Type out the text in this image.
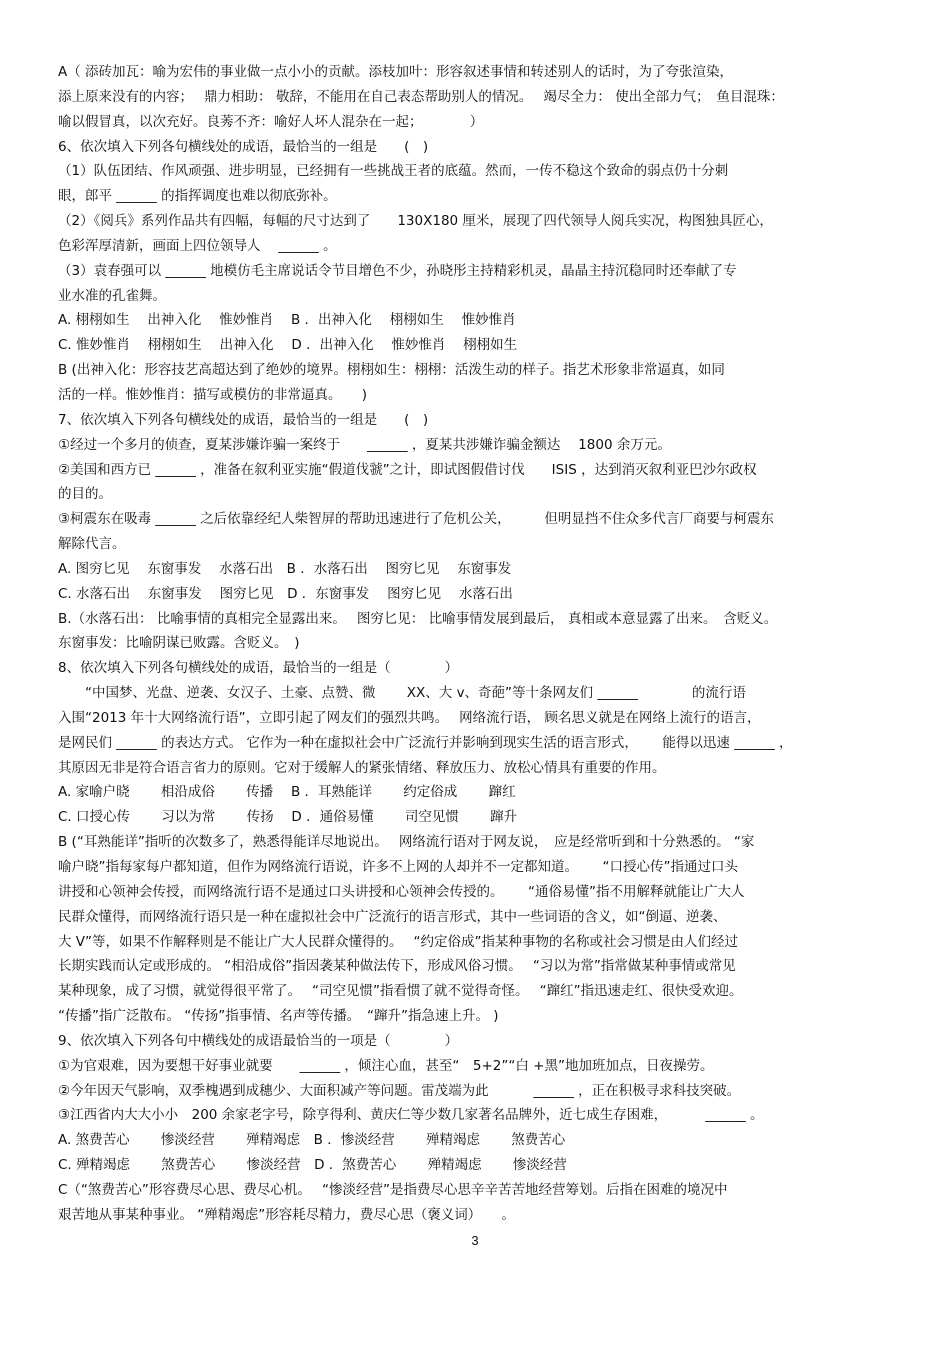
A（ 添砖加瓦：喻为宏伟的事业做一点小小的贡献。添枝加叶：形容叙述事情和转述别人的话时，为了夸张渲染，
添上原来没有的内容；　 鼎力相助： 敬辞，不能用在自己表态帮助别人的情况。　 竭尽全力： 使出全部力气；　鱼目混珠：
喻以假冒真，以次充好。良莠不齐：喻好人坏人混杂在一起；　　　　）
6、依次填入下列各句横线处的成语，最恰当的一组是　　(　)
（1）队伍团结、作风顽强、进步明显，已经拥有一些挑战王者的底蕴。然而，一传不稳这个致命的弱点仍十分刺
眼，郎平 ______ 的指挥调度也难以彻底弥补。
（2）《阅兵》系列作品共有四幅，每幅的尺寸达到了　　130X180 厘米，展现了四代领导人阅兵实况，构图独具匠心，
色彩浑厚清新，画面上四位领导人　 ______ 。
（3）袁春强可以 ______ 地模仿毛主席说话令节目增色不少，孙晓彤主持精彩机灵，晶晶主持沉稳同时还奉献了专
业水准的孔雀舞。
A. 栩栩如生　 出神入化　 惟妙惟肖　 B ．出神入化　 栩栩如生　 惟妙惟肖
C. 惟妙惟肖　 栩栩如生　 出神入化　 D ．出神入化　 惟妙惟肖　 栩栩如生
B (出神入化：形容技艺高超达到了绝妙的境界。栩栩如生：栩栩：活泼生动的样子。指艺术形象非常逼真，如同
活的一样。惟妙惟肖：描写或模仿的非常逼真。　　)
7、依次填入下列各句横线处的成语，最恰当的一组是　　(　)
①经过一个多月的侦查，夏某涉嫌诈骗一案终于　　______ ，夏某共涉嫌诈骗金额达　 1800 余万元。
②美国和西方已 ______ ，准备在叙利亚实施“假道伐虢”之计，即试图假借讨伐　　ISIS ，达到消灭叙利亚巴沙尔政权
的目的。
③柯震东在吸毒 ______ 之后依靠经纪人柴智屏的帮助迅速进行了危机公关，　　　但明显挡不住众多代言厂商要与柯震东
解除代言。
A. 图穷匕见　 东窗事发　 水落石出　B ．水落石出　 图穷匕见　 东窗事发
C. 水落石出　 东窗事发　 图穷匕见　D ．东窗事发　 图穷匕见　 水落石出
B.（水落石出： 比喻事情的真相完全显露出来。　 图穷匕见： 比喻事情发展到最后， 真相或本意显露了出来。　含贬义。
东窗事发：比喻阴谋已败露。含贬义。　)
8、依次填入下列各句横线处的成语，最恰当的一组是（　　　　）
　　“中国梦、光盘、逆袭、女汉子、土豪、点赞、微　　 XX、大 v、奇葩”等十条网友们 ______　　　　的流行语
入围“2013 年十大网络流行语”，立即引起了网友们的强烈共鸣。　 网络流行语， 顾名思义就是在网络上流行的语言，
是网民们 ______ 的表达方式。 它作为一种在虚拟社会中广泛流行并影响到现实生活的语言形式，　　 能得以迅速 ______ ，
其原因无非是符合语言省力的原则。它对于缓解人的紧张情绪、释放压力、放松心情具有重要的作用。
A. 家喻户晓　　 相沿成俗　　 传播　 B ．耳熟能详　　 约定俗成　　 蹿红
C. 口授心传　　 习以为常　　 传扬　 D ．通俗易懂　　 司空见惯　　 蹿升
B (“耳熟能详”指听的次数多了，熟悉得能详尽地说出。　 网络流行语对于网友说，　应是经常听到和十分熟悉的。 “家
喻户晓”指每家每户都知道，但作为网络流行语说，许多不上网的人却并不一定都知道。　　 “口授心传”指通过口头
讲授和心领神会传授，而网络流行语不是通过口头讲授和心领神会传授的。　　 “通俗易懂”指不用解释就能让广大人
民群众懂得，而网络流行语只是一种在虚拟社会中广泛流行的语言形式，其中一些词语的含义，如“倒逼、逆袭、
大 V”等，如果不作解释则是不能让广大人民群众懂得的。　 “约定俗成”指某种事物的名称或社会习惯是由人们经过
长期实践而认定或形成的。 “相沿成俗”指因袭某种做法传下，形成风俗习惯。　 “习以为常”指常做某种事情或常见
某种现象，成了习惯，就觉得很平常了。　 “司空见惯”指看惯了就不觉得奇怪。　 “蹿红”指迅速走红、很快受欢迎。
“传播”指广泛散布。 “传扬”指事情、名声等传播。　“蹿升”指急速上升。 )
9、依次填入下列各句中横线处的成语最恰当的一项是（　　　　）
①为官艰难，因为要想干好事业就要　　______ ，倾注心血，甚至“　5+2”“白 +黑”地加班加点，日夜操劳。
②今年因天气影响，双季槐遇到成穗少、大面积减产等问题。雷茂端为此　　　 ______ ，正在积极寻求科技突破。
③江西省内大大小小　200 余家老字号，除亨得利、黄庆仁等少数几家著名品牌外，近七成生存困难，　　　 ______ 。
A. 煞费苦心　　 惨淡经营　　 殚精竭虑　B ．惨淡经营　　 殚精竭虑　　 煞费苦心
C. 殚精竭虑　　 煞费苦心　　 惨淡经营　D ．煞费苦心　　 殚精竭虑　　 惨淡经营
C（“煞费苦心”形容费尽心思、费尽心机。　 “惨淡经营”是指费尽心思辛辛苦苦地经营筹划。后指在困难的境况中
艰苦地从事某种事业。 “殚精竭虑”形容耗尽精力，费尽心思（褒义词）　　。
3
